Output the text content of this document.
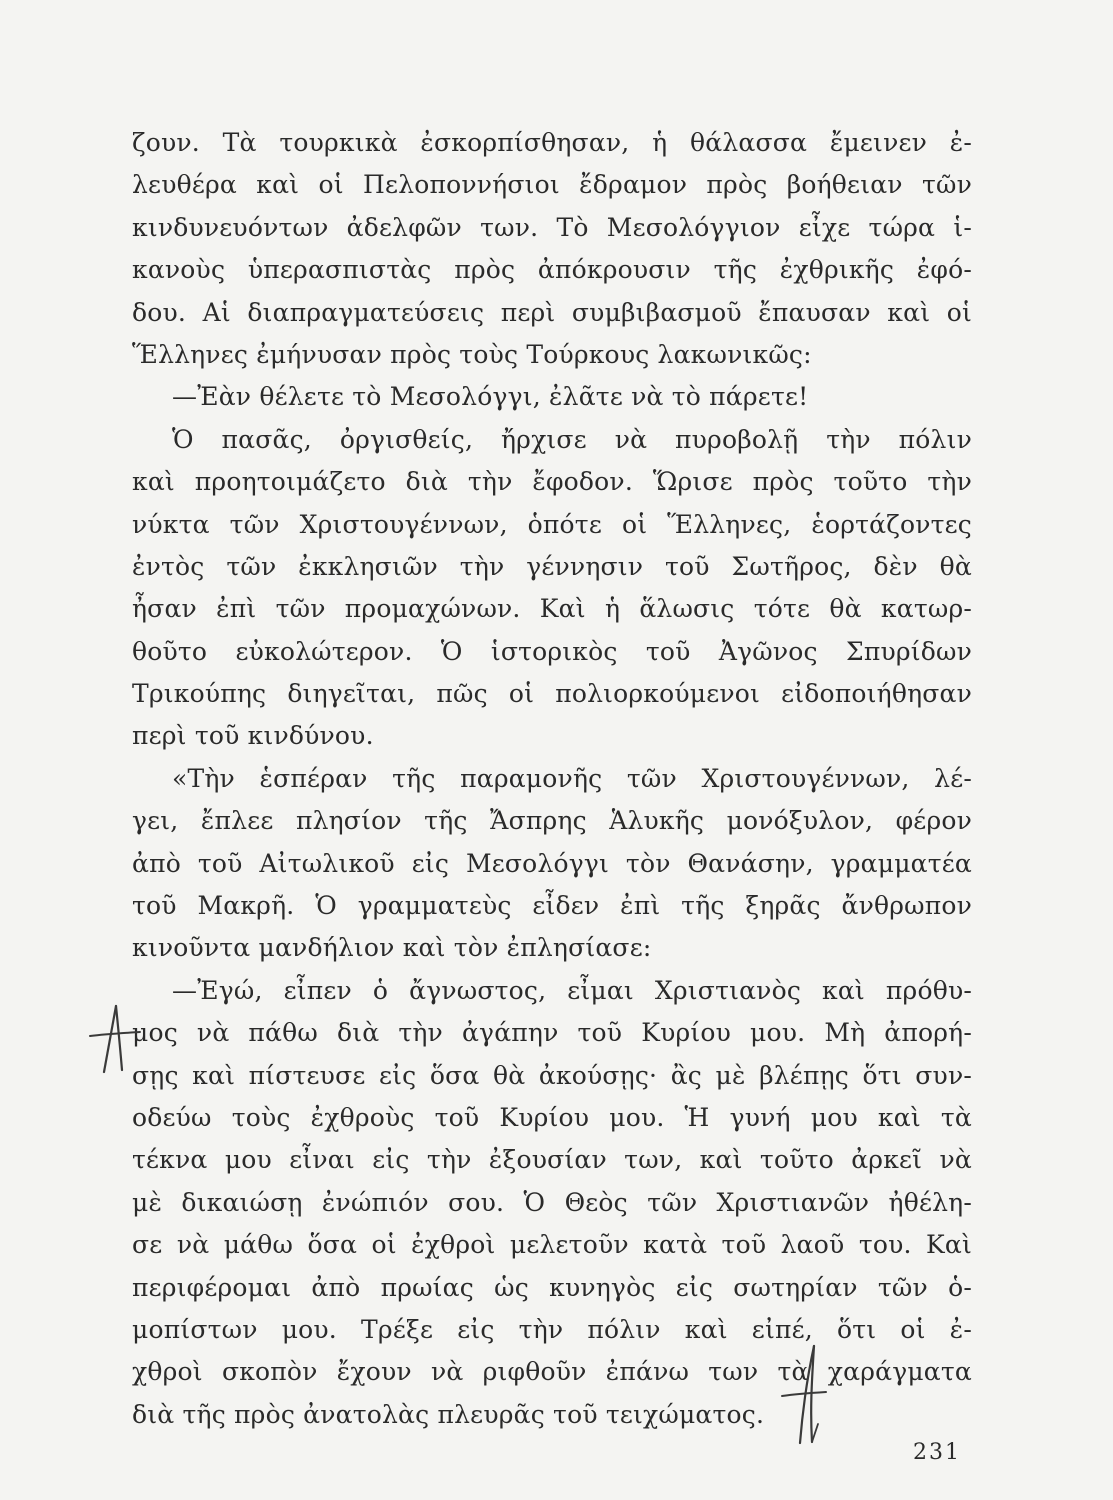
ζουν. Τὰ τουρκικὰ ἐσκορπίσθησαν, ἡ θάλασσα ἔμεινεν ἐ-
λευθέρα καὶ οἱ Πελοποννήσιοι ἔδραμον πρὸς βοήθειαν τῶν
κινδυνευόντων ἀδελφῶν των. Τὸ Μεσολόγγιον εἶχε τώρα ἱ-
κανοὺς ὑπερασπιστὰς πρὸς ἀπόκρουσιν τῆς ἐχθρικῆς ἐφό-
δου. Αἱ διαπραγματεύσεις περὶ συμβιβασμοῦ ἔπαυσαν καὶ οἱ
Ἕλληνες ἐμήνυσαν πρὸς τοὺς Τούρκους λακωνικῶς:
—Ἐὰν θέλετε τὸ Μεσολόγγι, ἐλᾶτε νὰ τὸ πάρετε!
Ὁ πασᾶς, ὀργισθείς, ἤρχισε νὰ πυροβολῇ τὴν πόλιν
καὶ προητοιμάζετο διὰ τὴν ἔφοδον. Ὥρισε πρὸς τοῦτο τὴν
νύκτα τῶν Χριστουγέννων, ὁπότε οἱ Ἕλληνες, ἑορτάζοντες
ἐντὸς τῶν ἐκκλησιῶν τὴν γέννησιν τοῦ Σωτῆρος, δὲν θὰ
ἦσαν ἐπὶ τῶν προμαχώνων. Καὶ ἡ ἅλωσις τότε θὰ κατωρ-
θοῦτο εὐκολώτερον. Ὁ ἱστορικὸς τοῦ Ἀγῶνος Σπυρίδων
Τρικούπης διηγεῖται, πῶς οἱ πολιορκούμενοι εἰδοποιήθησαν
περὶ τοῦ κινδύνου.
«Τὴν ἑσπέραν τῆς παραμονῆς τῶν Χριστουγέννων, λέ-
γει, ἔπλεε πλησίον τῆς Ἄσπρης Ἁλυκῆς μονόξυλον, φέρον
ἀπὸ τοῦ Αἰτωλικοῦ εἰς Μεσολόγγι τὸν Θανάσην, γραμματέα
τοῦ Μακρῆ. Ὁ γραμματεὺς εἶδεν ἐπὶ τῆς ξηρᾶς ἄνθρωπον
κινοῦντα μανδήλιον καὶ τὸν ἐπλησίασε:
—Ἐγώ, εἶπεν ὁ ἄγνωστος, εἶμαι Χριστιανὸς καὶ πρόθυ-
μος νὰ πάθω διὰ τὴν ἀγάπην τοῦ Κυρίου μου. Μὴ ἀπορή-
σῃς καὶ πίστευσε εἰς ὅσα θὰ ἀκούσῃς· ἂς μὲ βλέπῃς ὅτι συν-
οδεύω τοὺς ἐχθροὺς τοῦ Κυρίου μου. Ἡ γυνή μου καὶ τὰ
τέκνα μου εἶναι εἰς τὴν ἐξουσίαν των, καὶ τοῦτο ἀρκεῖ νὰ
μὲ δικαιώσῃ ἐνώπιόν σου. Ὁ Θεὸς τῶν Χριστιανῶν ἠθέλη-
σε νὰ μάθω ὅσα οἱ ἐχθροὶ μελετοῦν κατὰ τοῦ λαοῦ του. Καὶ
περιφέρομαι ἀπὸ πρωίας ὡς κυνηγὸς εἰς σωτηρίαν τῶν ὁ-
μοπίστων μου. Τρέξε εἰς τὴν πόλιν καὶ εἰπέ, ὅτι οἱ ἐ-
χθροὶ σκοπὸν ἔχουν νὰ ριφθοῦν ἐπάνω των τὰ χαράγματα
διὰ τῆς πρὸς ἀνατολὰς πλευρᾶς τοῦ τειχώματος.
231
